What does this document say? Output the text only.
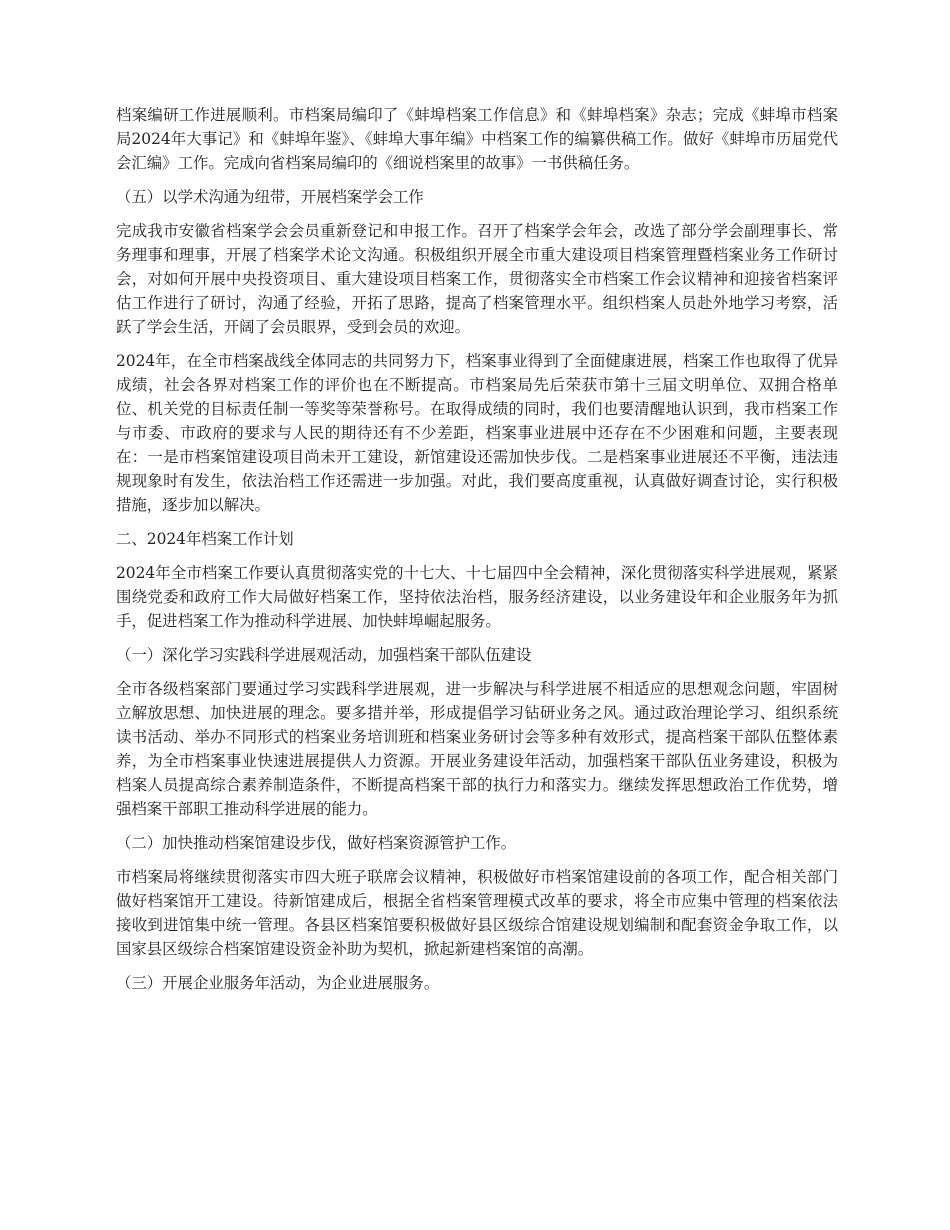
档案编研工作进展顺利。市档案局编印了《蚌埠档案工作信息》和《蚌埠档案》杂志；完成《蚌埠市档案局2024年大事记》和《蚌埠年鉴》、《蚌埠大事年编》中档案工作的编纂供稿工作。做好《蚌埠市历届党代会汇编》工作。完成向省档案局编印的《细说档案里的故事》一书供稿任务。

（五）以学术沟通为纽带，开展档案学会工作

完成我市安徽省档案学会会员重新登记和申报工作。召开了档案学会年会，改选了部分学会副理事长、常务理事和理事，开展了档案学术论文沟通。积极组织开展全市重大建设项目档案管理暨档案业务工作研讨会，对如何开展中央投资项目、重大建设项目档案工作，贯彻落实全市档案工作会议精神和迎接省档案评估工作进行了研讨，沟通了经验，开拓了思路，提高了档案管理水平。组织档案人员赴外地学习考察，活跃了学会生活，开阔了会员眼界，受到会员的欢迎。

2024年，在全市档案战线全体同志的共同努力下，档案事业得到了全面健康进展，档案工作也取得了优异成绩，社会各界对档案工作的评价也在不断提高。市档案局先后荣获市第十三届文明单位、双拥合格单位、机关党的目标责任制一等奖等荣誉称号。在取得成绩的同时，我们也要清醒地认识到，我市档案工作与市委、市政府的要求与人民的期待还有不少差距，档案事业进展中还存在不少困难和问题，主要表现在：一是市档案馆建设项目尚未开工建设，新馆建设还需加快步伐。二是档案事业进展还不平衡，违法违规现象时有发生，依法治档工作还需进一步加强。对此，我们要高度重视，认真做好调查讨论，实行积极措施，逐步加以解决。

二、2024年档案工作计划

2024年全市档案工作要认真贯彻落实党的十七大、十七届四中全会精神，深化贯彻落实科学进展观，紧紧围绕党委和政府工作大局做好档案工作，坚持依法治档，服务经济建设，以业务建设年和企业服务年为抓手，促进档案工作为推动科学进展、加快蚌埠崛起服务。

（一）深化学习实践科学进展观活动，加强档案干部队伍建设

全市各级档案部门要通过学习实践科学进展观，进一步解决与科学进展不相适应的思想观念问题，牢固树立解放思想、加快进展的理念。要多措并举，形成提倡学习钻研业务之风。通过政治理论学习、组织系统读书活动、举办不同形式的档案业务培训班和档案业务研讨会等多种有效形式，提高档案干部队伍整体素养，为全市档案事业快速进展提供人力资源。开展业务建设年活动，加强档案干部队伍业务建设，积极为档案人员提高综合素养制造条件，不断提高档案干部的执行力和落实力。继续发挥思想政治工作优势，增强档案干部职工推动科学进展的能力。

（二）加快推动档案馆建设步伐，做好档案资源管护工作。

市档案局将继续贯彻落实市四大班子联席会议精神，积极做好市档案馆建设前的各项工作，配合相关部门做好档案馆开工建设。待新馆建成后，根据全省档案管理模式改革的要求，将全市应集中管理的档案依法接收到进馆集中统一管理。各县区档案馆要积极做好县区级综合馆建设规划编制和配套资金争取工作，以国家县区级综合档案馆建设资金补助为契机，掀起新建档案馆的高潮。

（三）开展企业服务年活动，为企业进展服务。
